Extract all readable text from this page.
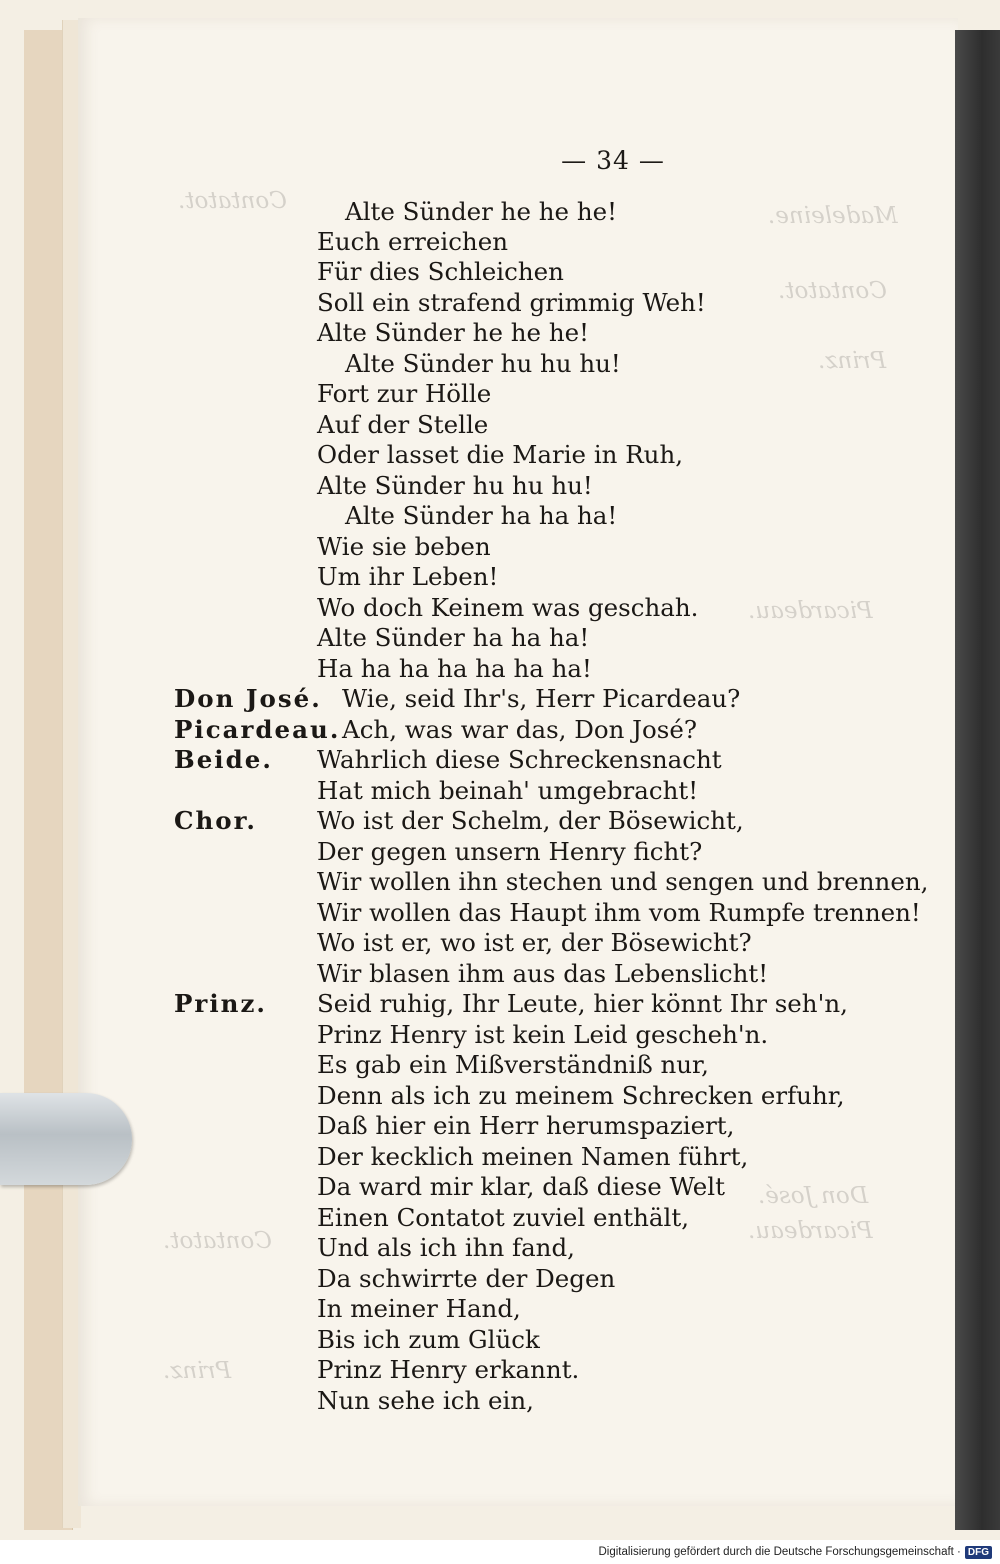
Contatot.
Madeleine.
Contatot.
Prinz.
Picardeau.
Don José.
Picardeau.
Contatot.
Prinz.
— 34 —
Alte Sünder he he he!
Euch erreichen
Für dies Schleichen
Soll ein strafend grimmig Weh!
Alte Sünder he he he!
Alte Sünder hu hu hu!
Fort zur Hölle
Auf der Stelle
Oder lasset die Marie in Ruh,
Alte Sünder hu hu hu!
Alte Sünder ha ha ha!
Wie sie beben
Um ihr Leben!
Wo doch Keinem was geschah.
Alte Sünder ha ha ha!
Ha ha ha ha ha ha ha!
Don José. Wie, seid Ihr's, Herr Picardeau?
Picardeau. Ach, was war das, Don José?
Beide. Wahrlich diese Schreckensnacht
Hat mich beinah' umgebracht!
Chor. Wo ist der Schelm, der Bösewicht,
Der gegen unsern Henry ficht?
Wir wollen ihn stechen und sengen und brennen,
Wir wollen das Haupt ihm vom Rumpfe trennen!
Wo ist er, wo ist er, der Bösewicht?
Wir blasen ihm aus das Lebenslicht!
Prinz. Seid ruhig, Ihr Leute, hier könnt Ihr seh'n,
Prinz Henry ist kein Leid gescheh'n.
Es gab ein Mißverständniß nur,
Denn als ich zu meinem Schrecken erfuhr,
Daß hier ein Herr herumspaziert,
Der kecklich meinen Namen führt,
Da ward mir klar, daß diese Welt
Einen Contatot zuviel enthält,
Und als ich ihn fand,
Da schwirrte der Degen
In meiner Hand,
Bis ich zum Glück
Prinz Henry erkannt.
Nun sehe ich ein,
Digitalisierung gefördert durch die Deutsche Forschungsgemeinschaft · DFG
